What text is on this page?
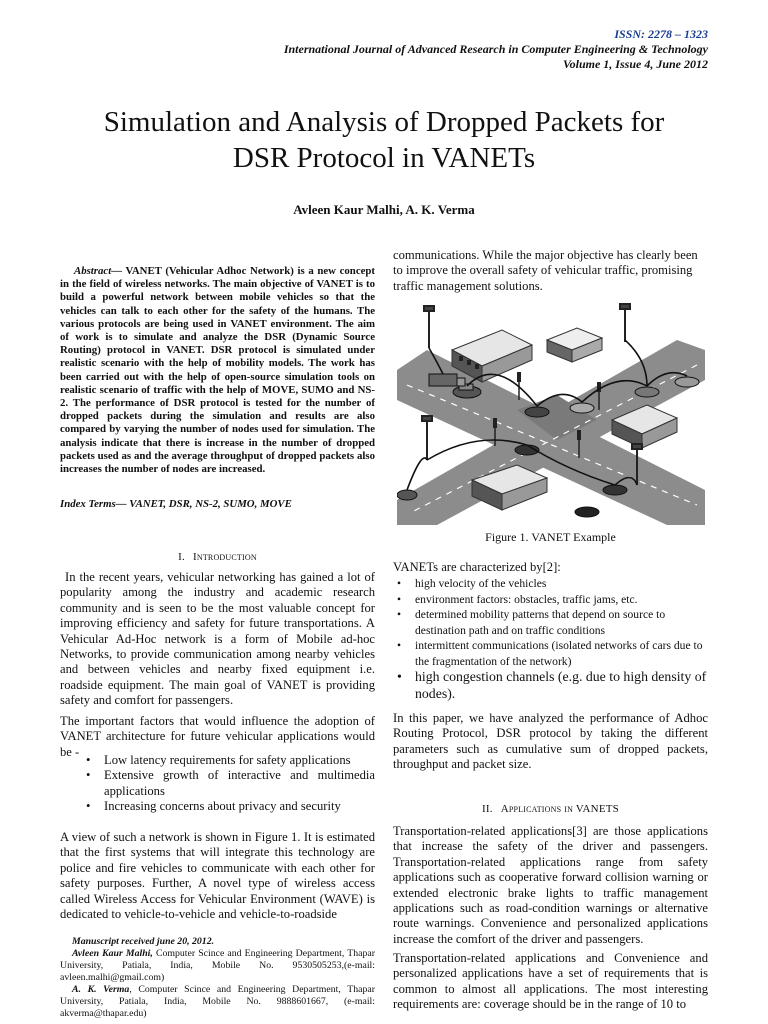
ISSN: 2278 – 1323
International Journal of Advanced Research in Computer Engineering & Technology
Volume 1, Issue 4, June 2012
Simulation and Analysis of Dropped Packets for
DSR Protocol in VANETs
Avleen Kaur Malhi, A. K. Verma
Abstract— VANET (Vehicular Adhoc Network) is a new concept in the field of wireless networks. The main objective of VANET is to build a powerful network between mobile vehicles so that the vehicles can talk to each other for the safety of the humans. The various protocols are being used in VANET environment. The aim of work is to simulate and analyze the DSR (Dynamic Source Routing) protocol in VANET. DSR protocol is simulated under realistic scenario with the help of mobility models. The work has been carried out with the help of open-source simulation tools on realistic scenario of traffic with the help of MOVE, SUMO and NS-2. The performance of DSR protocol is tested for the number of dropped packets during the simulation and results are also compared by varying the number of nodes used for simulation. The analysis indicate that there is increase in the number of dropped packets used as and the average throughput of dropped packets also increases the number of nodes are increased.
Index Terms— VANET, DSR, NS-2, SUMO, MOVE
I. Introduction
In the recent years, vehicular networking has gained a lot of popularity among the industry and academic research community and is seen to be the most valuable concept for improving efficiency and safety for future transportations. A Vehicular Ad-Hoc network is a form of Mobile ad-hoc Networks, to provide communication among nearby vehicles and between vehicles and nearby fixed equipment i.e. roadside equipment. The main goal of VANET is providing safety and comfort for passengers.
The important factors that would influence the adoption of VANET architecture for future vehicular applications would be -
• Low latency requirements for safety applications
• Extensive growth of interactive and multimedia applications
• Increasing concerns about privacy and security
A view of such a network is shown in Figure 1. It is estimated that the first systems that will integrate this technology are police and fire vehicles to communicate with each other for safety purposes. Further, A novel type of wireless access called Wireless Access for Vehicular Environment (WAVE) is dedicated to vehicle-to-vehicle and vehicle-to-roadside

Manuscript received june 20, 2012.

Avleen Kaur Malhi, Computer Scince and Engineering Department, Thapar University, Patiala, India, Mobile No. 9530505253,(e-mail: avleen.malhi@gmail.com)

A. K. Verma, Computer Scince and Engineering Department, Thapar University, Patiala, India, Mobile No. 9888601667, (e-mail: akverma@thapar.edu)

communications. While the major objective has clearly been to improve the overall safety of vehicular traffic, promising traffic management solutions.
Figure 1. VANET Example
VANETs are characterized by[2]:
• high velocity of the vehicles
• environment factors: obstacles, traffic jams, etc.
• determined mobility patterns that depend on source to destination path and on traffic conditions
• intermittent communications (isolated networks of cars due to the fragmentation of the network)
• high congestion channels (e.g. due to high density of nodes).
In this paper, we have analyzed the performance of Adhoc Routing Protocol, DSR protocol by taking the different parameters such as cumulative sum of dropped packets, throughput and packet size.
II. Applications in VANETS
Transportation-related applications[3] are those applications that increase the safety of the driver and passengers. Transportation-related applications range from safety applications such as cooperative forward collision warning or extended electronic brake lights to traffic management applications such as road-condition warnings or alternative route warnings. Convenience and personalized applications increase the comfort of the driver and passengers.
Transportation-related applications and Convenience and personalized applications have a set of requirements that is common to almost all applications. The most interesting requirements are: coverage should be in the range of 10 to
